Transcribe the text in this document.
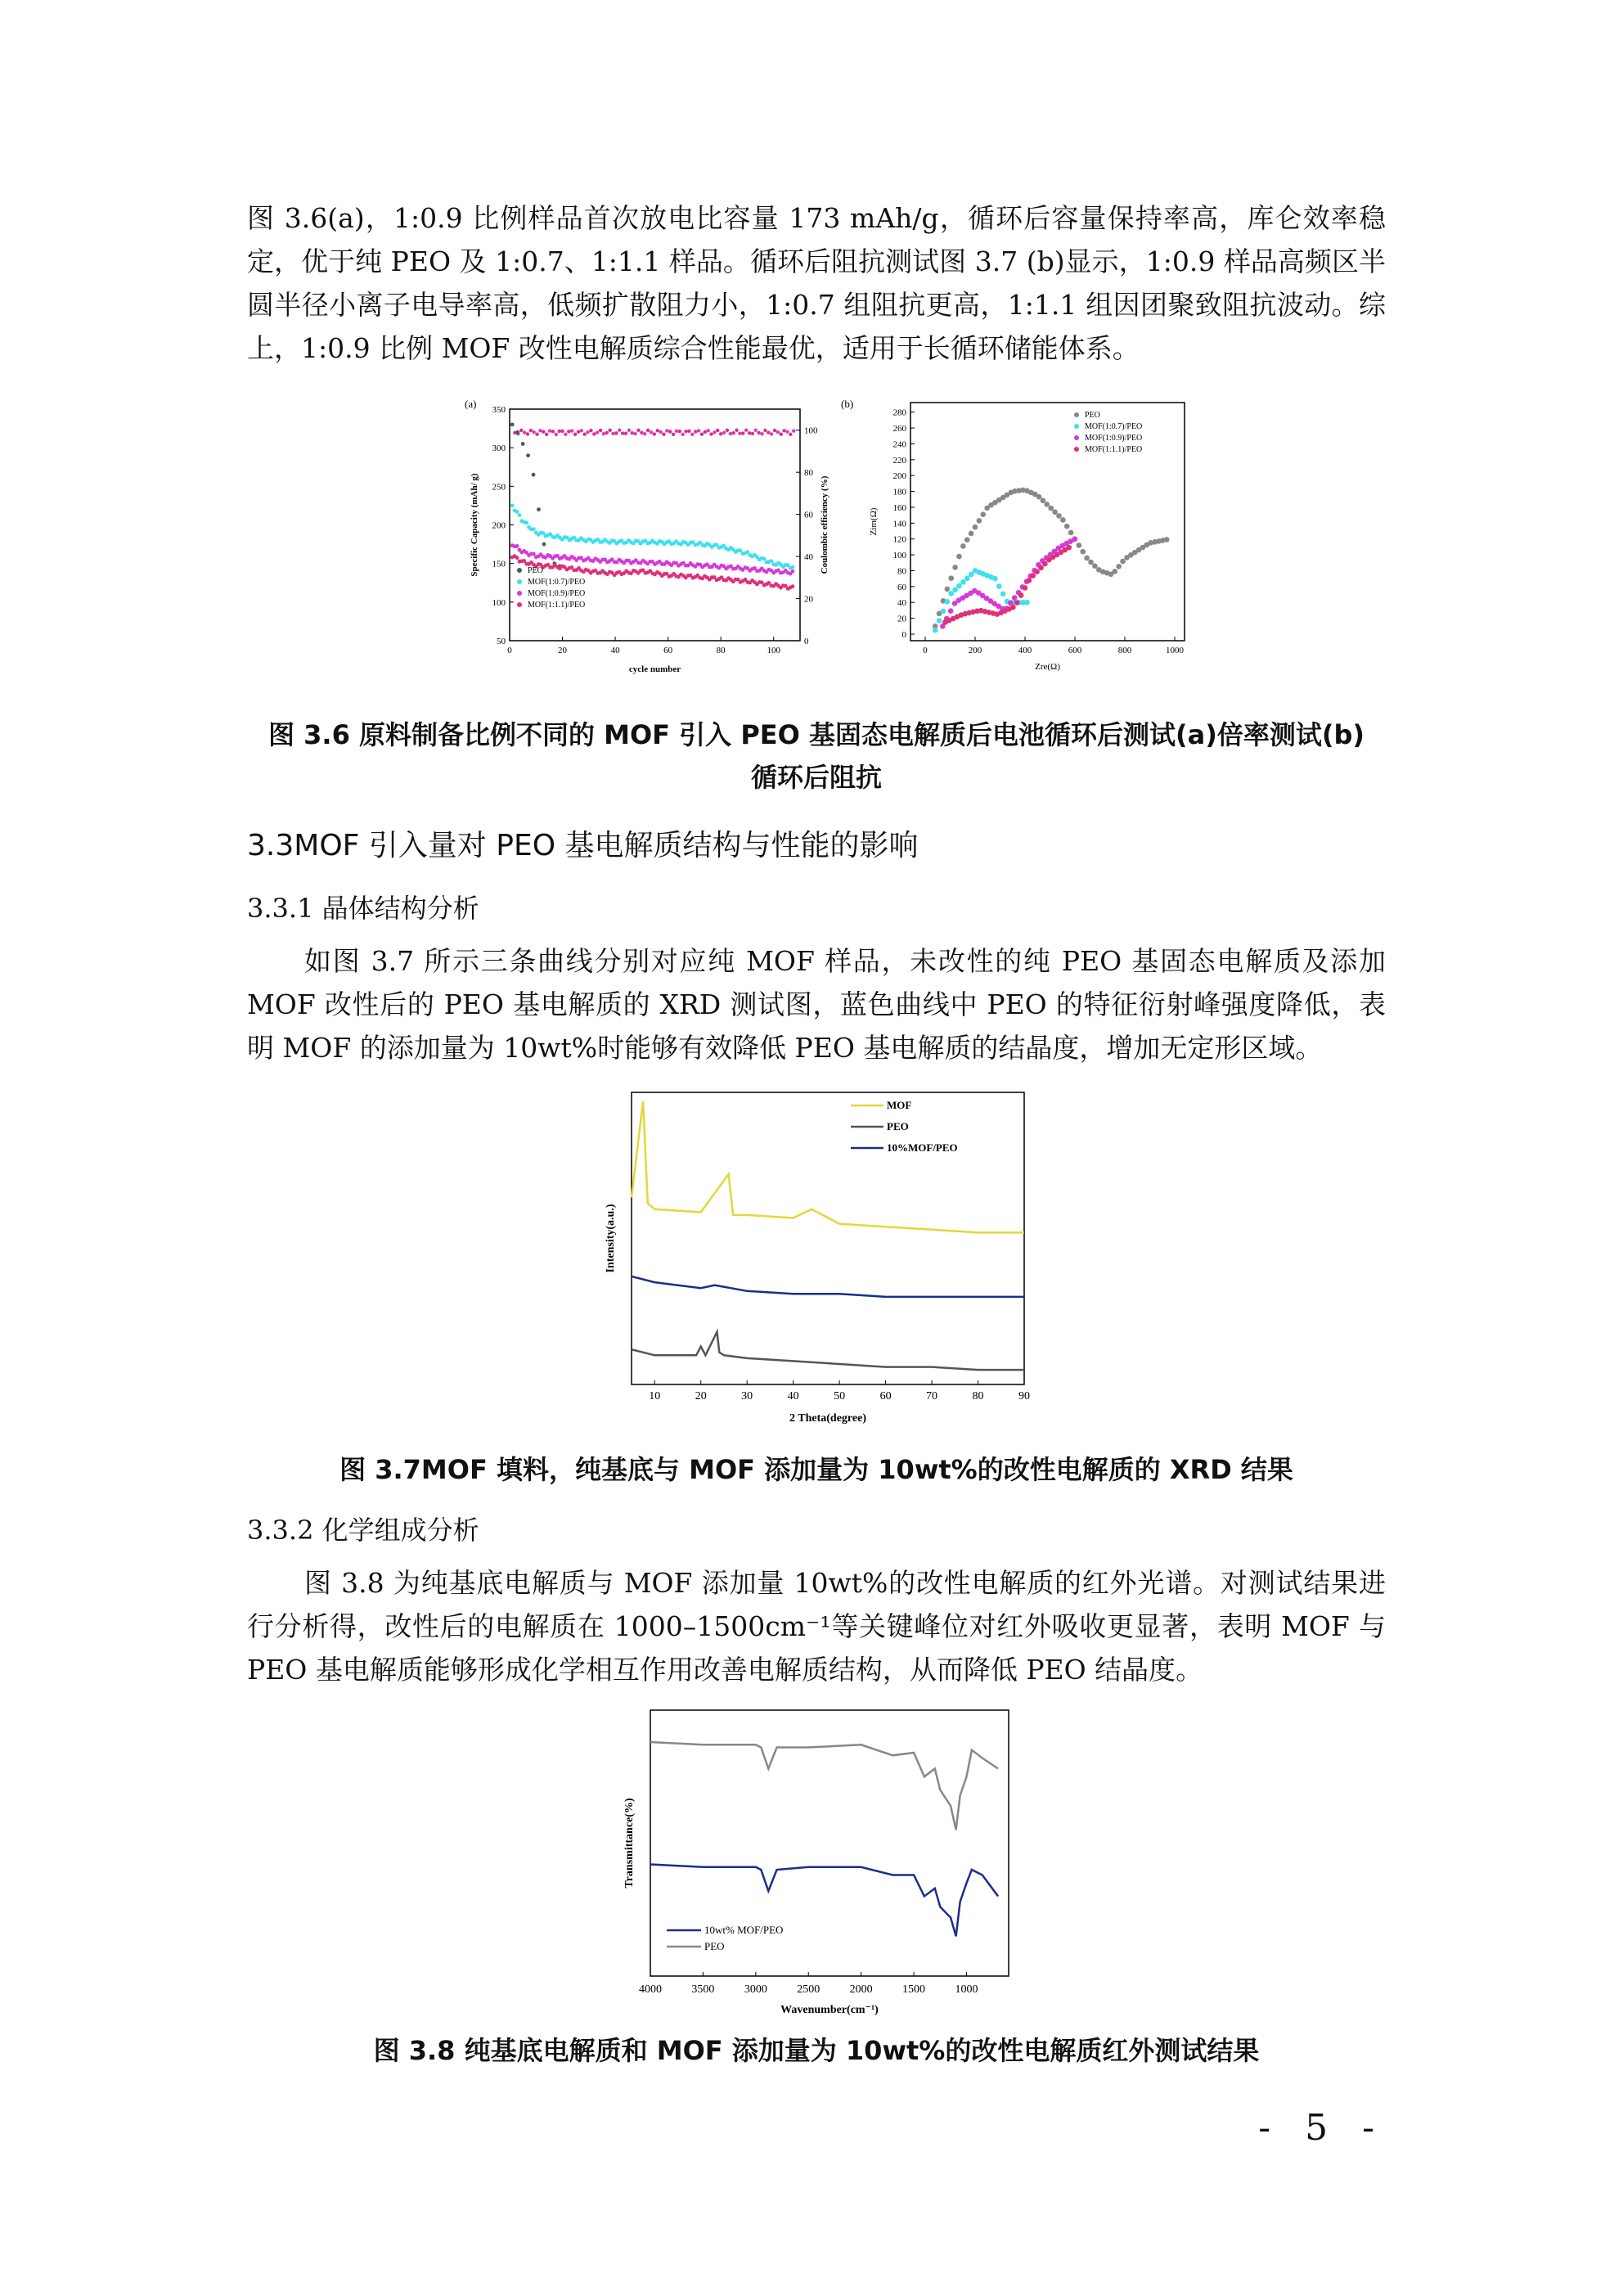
图 3.6(a)，1:0.9 比例样品首次放电比容量 173 mAh/g，循环后容量保持率高，库仑效率稳定，优于纯 PEO 及 1:0.7、1:1.1 样品。循环后阻抗测试图 3.7 (b)显示，1:0.9 样品高频区半圆半径小离子电导率高，低频扩散阻力小，1:0.7 组阻抗更高，1:1.1 组因团聚致阻抗波动。综上，1:0.9 比例 MOF 改性电解质综合性能最优，适用于长循环储能体系。

(a)
0	20	40	60	80	100
50
100
150
200
250
300
350
0
20
40
60
80
100
cycle number
Specific Capacity (mAh/ g)	Coulombic efficiency (%)
PEO
MOF(1:0.7)/PEO
MOF(1:0.9)/PEO
MOF(1:1.1)/PEO
(b)
0	200	400	600	800	1000
0
20
40
60
80
100
120
140
160
180
200
220
240
260
280
Zre(Ω)
Zim(Ω)
PEO
MOF(1:0.7)/PEO
MOF(1:0.9)/PEO
MOF(1:1.1)/PEO

图 3.6 原料制备比例不同的 MOF 引入 PEO 基固态电解质后电池循环后测试(a)倍率测试(b)

循环后阻抗

3.3MOF 引入量对 PEO 基电解质结构与性能的影响

3.3.1 晶体结构分析

如图 3.7 所示三条曲线分别对应纯 MOF 样品，未改性的纯 PEO 基固态电解质及添加 MOF 改性后的 PEO 基电解质的 XRD 测试图，蓝色曲线中 PEO 的特征衍射峰强度降低，表明 MOF 的添加量为 10wt%时能够有效降低 PEO 基电解质的结晶度，增加无定形区域。

10	20	30	40	50	60	70	80	90
2 Theta(degree)
Intensity(a.u.)
MOF
PEO
10%MOF/PEO

图 3.7MOF 填料，纯基底与 MOF 添加量为 10wt%的改性电解质的 XRD 结果

3.3.2 化学组成分析

图 3.8 为纯基底电解质与 MOF 添加量 10wt%的改性电解质的红外光谱。对测试结果进行分析得，改性后的电解质在 1000–1500cm⁻¹等关键峰位对红外吸收更显著，表明 MOF 与 PEO 基电解质能够形成化学相互作用改善电解质结构，从而降低 PEO 结晶度。

4000	3500	3000	2500	2000	1500	1000
Wavenumber(cm⁻¹)
Transmittance(%)
10wt% MOF/PEO
PEO

图 3.8 纯基底电解质和 MOF 添加量为 10wt%的改性电解质红外测试结果

- 5 -
